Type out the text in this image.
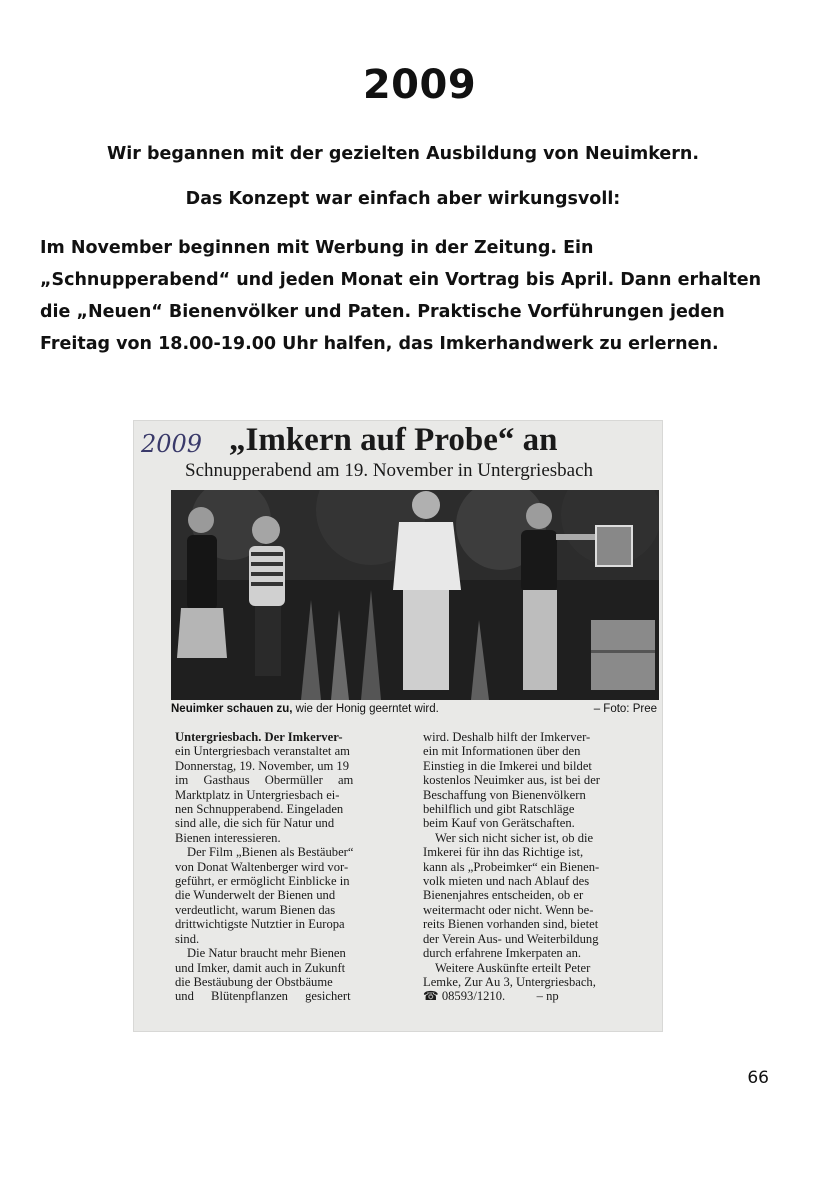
2009
Wir begannen mit der gezielten Ausbildung von Neuimkern.
Das Konzept war einfach aber wirkungsvoll:
Im November beginnen mit Werbung in der Zeitung. Ein
„Schnupperabend“ und jeden Monat ein Vortrag bis April. Dann erhalten
die „Neuen“ Bienenvölker und Paten. Praktische Vorführungen jeden
Freitag von 18.00-19.00 Uhr halfen, das Imkerhandwerk zu erlernen.
2009 „Imkern auf Probe“ an
Schnupperabend am 19. November in Untergriesbach
Neuimker schauen zu, wie der Honig geerntet wird.	– Foto: Pree
Untergriesbach. Der Imkerver-
ein Untergriesbach veranstaltet am
Donnerstag, 19. November, um 19
im Gasthaus Obermüller am
Marktplatz in Untergriesbach ei-
nen Schnupperabend. Eingeladen
sind alle, die sich für Natur und
Bienen interessieren.
Der Film „Bienen als Bestäuber“
von Donat Waltenberger wird vor-
geführt, er ermöglicht Einblicke in
die Wunderwelt der Bienen und
verdeutlicht, warum Bienen das
drittwichtigste Nutztier in Europa
sind.
Die Natur braucht mehr Bienen
und Imker, damit auch in Zukunft
die Bestäubung der Obstbäume
und Blütenpflanzen gesichert
wird. Deshalb hilft der Imkerver-
ein mit Informationen über den
Einstieg in die Imkerei und bildet
kostenlos Neuimker aus, ist bei der
Beschaffung von Bienenvölkern
behilflich und gibt Ratschläge
beim Kauf von Gerätschaften.
Wer sich nicht sicher ist, ob die
Imkerei für ihn das Richtige ist,
kann als „Probeimker“ ein Bienen-
volk mieten und nach Ablauf des
Bienenjahres entscheiden, ob er
weitermacht oder nicht. Wenn be-
reits Bienen vorhanden sind, bietet
der Verein Aus- und Weiterbildung
durch erfahrene Imkerpaten an.
Weitere Auskünfte erteilt Peter
Lemke, Zur Au 3, Untergriesbach,
☎ 08593/1210.          – np
66
